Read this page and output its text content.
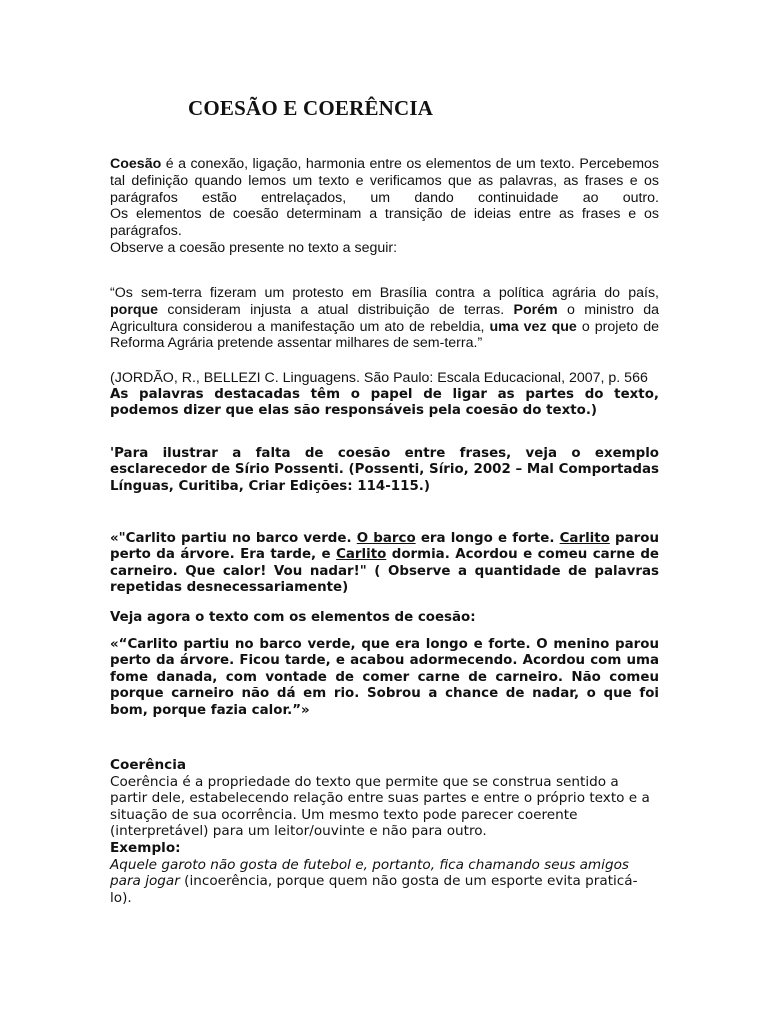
COESÃO E COERÊNCIA

Coesão é a conexão, ligação, harmonia entre os elementos de um texto. Percebemos tal definição quando lemos um texto e verificamos que as palavras, as frases e os parágrafos estão entrelaçados, um dando continuidade ao outro.

Os elementos de coesão determinam a transição de ideias entre as frases e os parágrafos.

Observe a coesão presente no texto a seguir:

“Os sem-terra fizeram um protesto em Brasília contra a política agrária do país, porque consideram injusta a atual distribuição de terras. Porém o ministro da Agricultura considerou a manifestação um ato de rebeldia, uma vez que o projeto de Reforma Agrária pretende assentar milhares de sem-terra.”

(JORDÃO, R., BELLEZI C. Linguagens. São Paulo: Escala Educacional, 2007, p. 566

As palavras destacadas têm o papel de ligar as partes do texto, podemos dizer que elas são responsáveis pela coesão do texto.)

'Para ilustrar a falta de coesão entre frases, veja o exemplo esclarecedor de Sírio Possenti. (Possenti, Sírio, 2002 – Mal Comportadas Línguas, Curitiba, Criar Edições: 114-115.)
«"Carlito partiu no barco verde. O barco era longo e forte. Carlito parou perto da árvore. Era tarde, e Carlito dormia. Acordou e comeu carne de carneiro. Que calor! Vou nadar!" ( Observe a quantidade de palavras repetidas desnecessariamente)
Veja agora o texto com os elementos de coesão:
«“Carlito partiu no barco verde, que era longo e forte. O menino parou perto da árvore. Ficou tarde, e acabou adormecendo. Acordou com uma fome danada, com vontade de comer carne de carneiro. Não comeu porque carneiro não dá em rio. Sobrou a chance de nadar, o que foi bom, porque fazia calor.”»

Coerência

Coerência é a propriedade do texto que permite que se construa sentido a partir dele, estabelecendo relação entre suas partes e entre o próprio texto e a situação de sua ocorrência. Um mesmo texto pode parecer coerente (interpretável) para um leitor/ouvinte e não para outro.

Exemplo:

Aquele garoto não gosta de futebol e, portanto, fica chamando seus amigos para jogar (incoerência, porque quem não gosta de um esporte evita praticá-lo).
